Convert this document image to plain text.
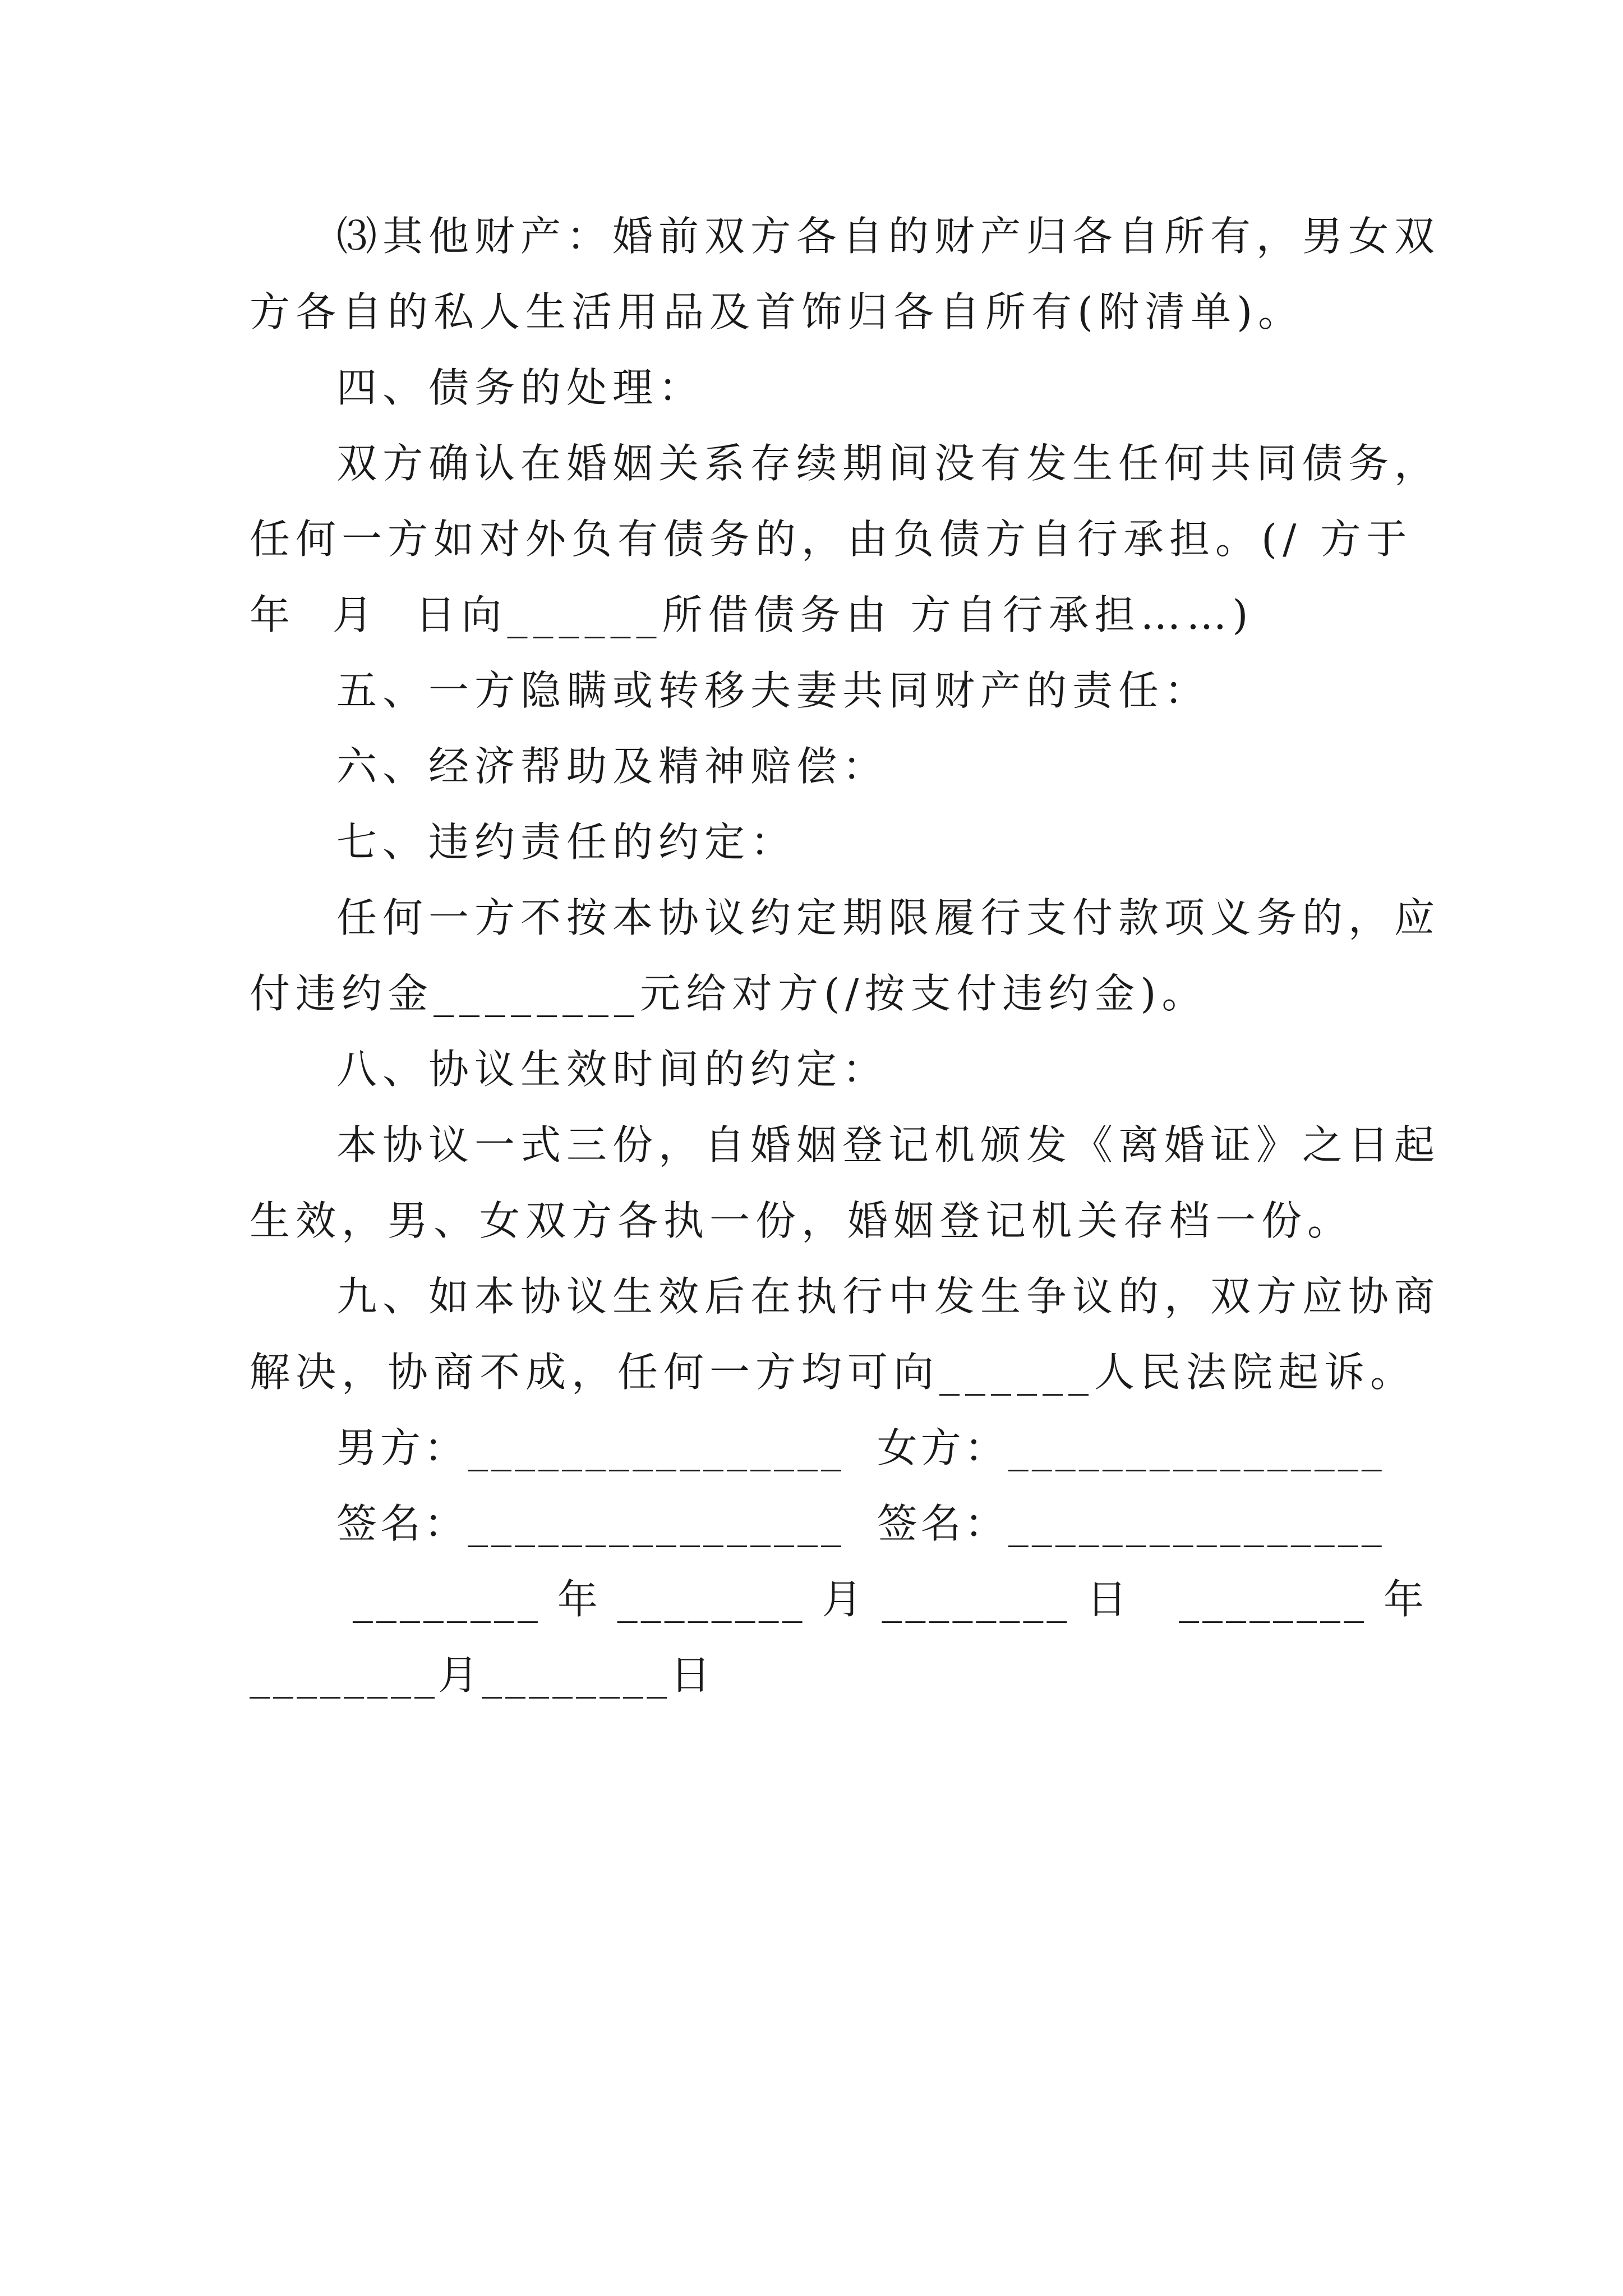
⑶其他财产：婚前双方各自的财产归各自所有，男女双
方各自的私人生活用品及首饰归各自所有(附清单)。
四、债务的处理：
双方确认在婚姻关系存续期间没有发生任何共同债务，
任何一方如对外负有债务的，由负债方自行承担。(/ 方于
年  月  日向______所借债务由 方自行承担……)
五、一方隐瞒或转移夫妻共同财产的责任：
六、经济帮助及精神赔偿：
七、违约责任的约定：
任何一方不按本协议约定期限履行支付款项义务的，应
付违约金________元给对方(/按支付违约金)。
八、协议生效时间的约定：
本协议一式三份，自婚姻登记机颁发《离婚证》之日起
生效，男、女双方各执一份，婚姻登记机关存档一份。
九、如本协议生效后在执行中发生争议的，双方应协商
解决，协商不成，任何一方均可向______人民法院起诉。
男方：________________  女方：________________
签名：________________  签名：________________
________ 年 ________ 月 ________ 日   ________ 年
________月________日
